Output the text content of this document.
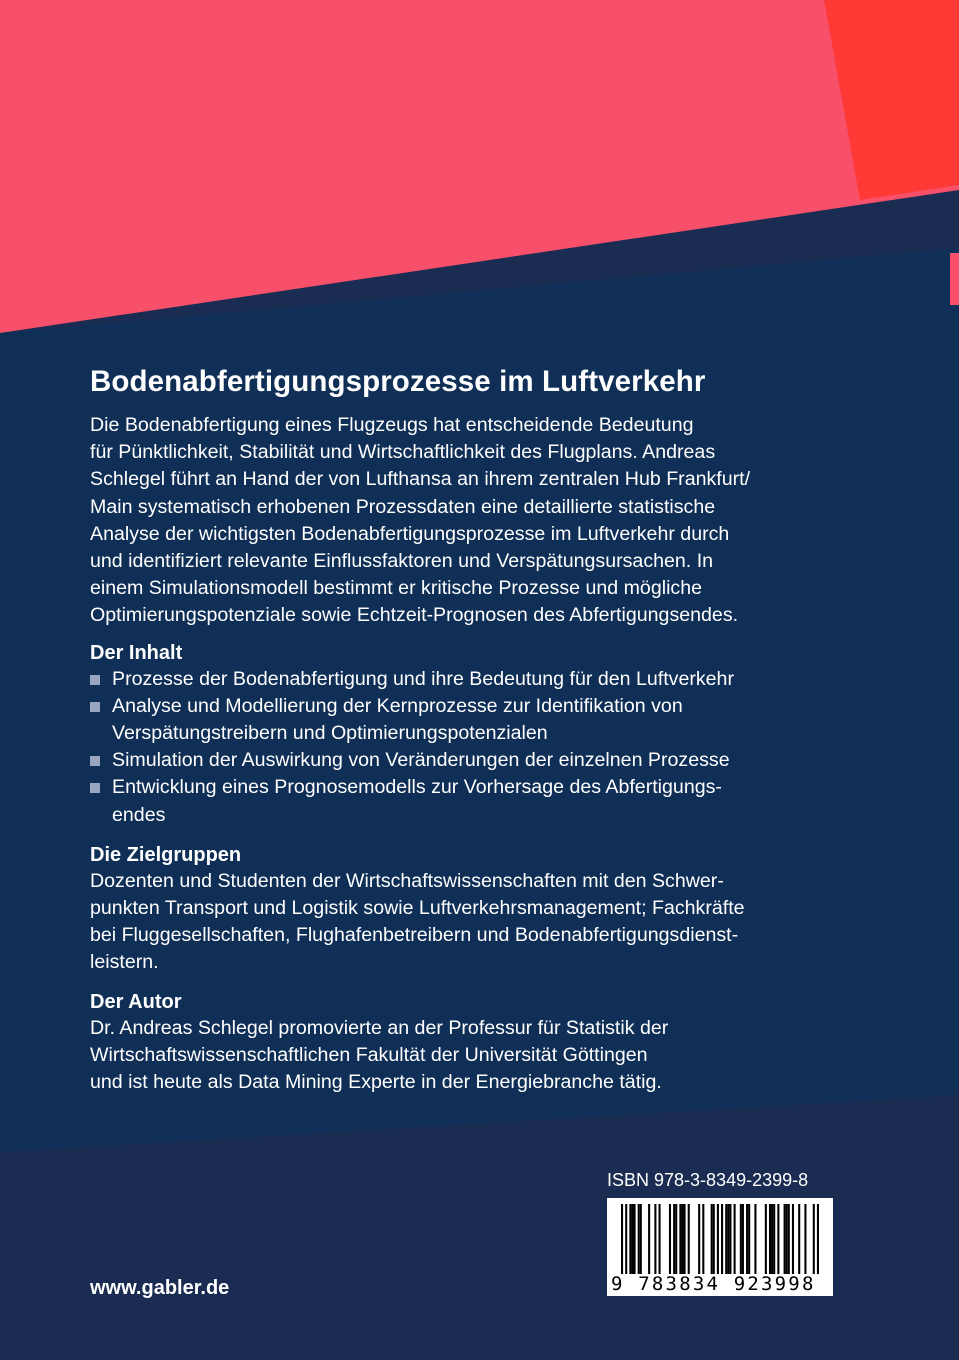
Bodenabfertigungsprozesse im Luftverkehr
Die Bodenabfertigung eines Flugzeugs hat entscheidende Bedeutung
für Pünktlichkeit, Stabilität und Wirtschaftlichkeit des Flugplans. Andreas
Schlegel führt an Hand der von Lufthansa an ihrem zentralen Hub Frankfurt/
Main systematisch erhobenen Prozessdaten eine detaillierte statistische
Analyse der wichtigsten Bodenabfertigungsprozesse im Luftverkehr durch
und identifiziert relevante Einflussfaktoren und Verspätungsursachen. In
einem Simulationsmodell bestimmt er kritische Prozesse und mögliche
Optimierungspotenziale sowie Echtzeit-Prognosen des Abfertigungsendes.
Der Inhalt
Prozesse der Bodenabfertigung und ihre Bedeutung für den Luftverkehr
Analyse und Modellierung der Kernprozesse zur Identifikation von
Verspätungstreibern und Optimierungspotenzialen
Simulation der Auswirkung von Veränderungen der einzelnen Prozesse
Entwicklung eines Prognosemodells zur Vorhersage des Abfertigungs-
endes
Die Zielgruppen
Dozenten und Studenten der Wirtschaftswissenschaften mit den Schwer-
punkten Transport und Logistik sowie Luftverkehrsmanagement; Fachkräfte
bei Fluggesellschaften, Flughafenbetreibern und Bodenabfertigungsdienst-
leistern.
Der Autor
Dr. Andreas Schlegel promovierte an der Professur für Statistik der
Wirtschaftswissenschaftlichen Fakultät der Universität Göttingen
und ist heute als Data Mining Experte in der Energiebranche tätig.
ISBN 978-3-8349-2399-8
9 783834 923998
www.gabler.de
